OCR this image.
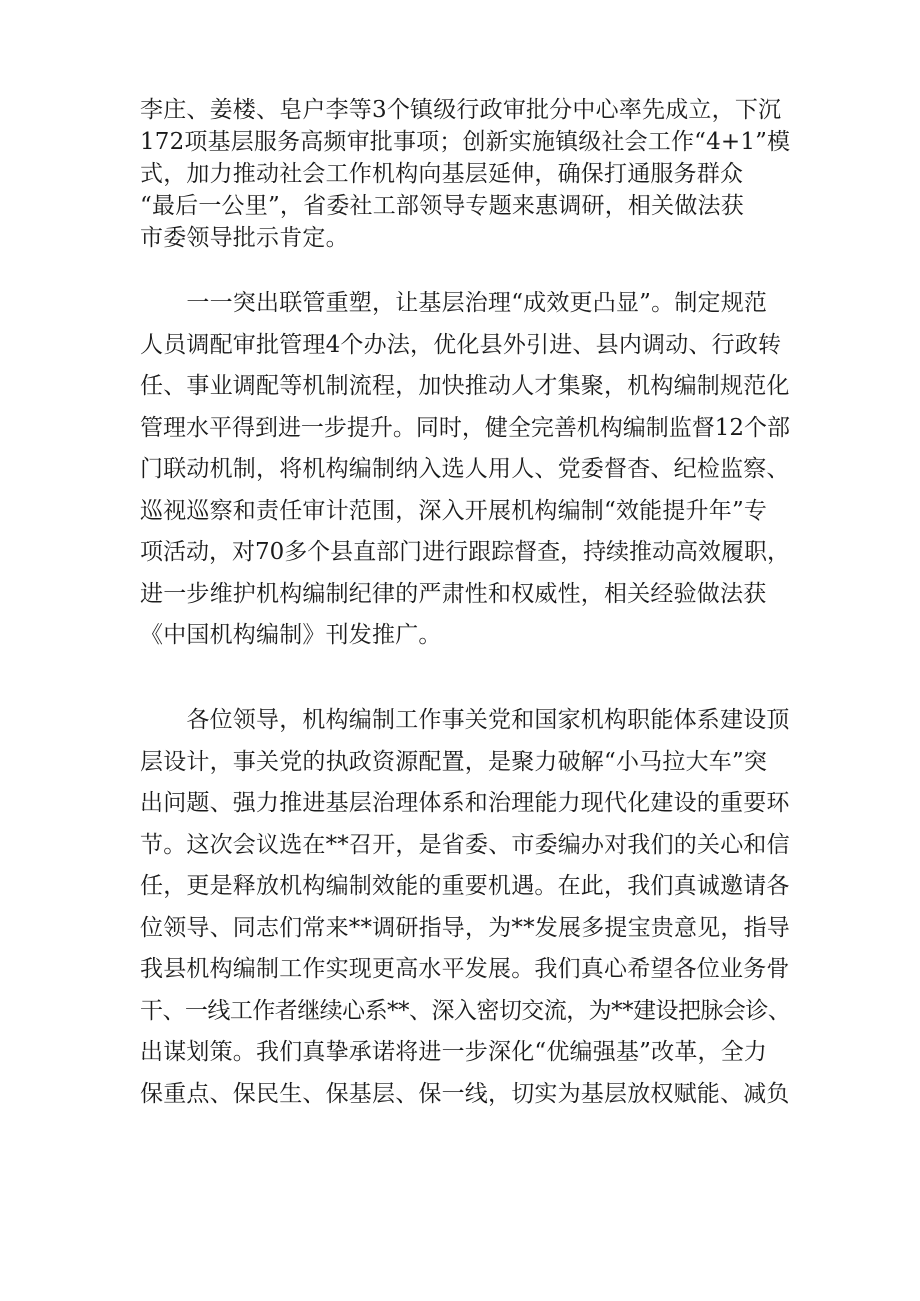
李庄、姜楼、皂户李等3个镇级行政审批分中心率先成立，下沉
172项基层服务高频审批事项；创新实施镇级社会工作“4+1”模
式，加力推动社会工作机构向基层延伸，确保打通服务群众
“最后一公里”，省委社工部领导专题来惠调研，相关做法获
市委领导批示肯定。
　　一一突出联管重塑，让基层治理“成效更凸显”。制定规范
人员调配审批管理4个办法，优化县外引进、县内调动、行政转
任、事业调配等机制流程，加快推动人才集聚，机构编制规范化
管理水平得到进一步提升。同时，健全完善机构编制监督12个部
门联动机制，将机构编制纳入选人用人、党委督杳、纪检监察、
巡视巡察和责任审计范围，深入开展机构编制“效能提升年”专
项活动，对70多个县直部门进行跟踪督查，持续推动高效履职，
进一步维护机构编制纪律的严肃性和权威性，相关经验做法获
《中国机构编制》刊发推广。
　　各位领导，机构编制工作事关党和国家机构职能体系建设顶
层设计，事关党的执政资源配置，是聚力破解“小马拉大车”突
出问题、强力推进基层治理体系和治理能力现代化建设的重要环
节。这次会议选在**召开，是省委、市委编办对我们的关心和信
任，更是释放机构编制效能的重要机遇。在此，我们真诚邀请各
位领导、同志们常来**调研指导，为**发展多提宝贵意见，指导
我县机构编制工作实现更高水平发展。我们真心希望各位业务骨
干、一线工作者继续心系**、深入密切交流，为**建设把脉会诊、
出谋划策。我们真挚承诺将进一步深化“优编强基”改革，全力
保重点、保民生、保基层、保一线，切实为基层放权赋能、减负
